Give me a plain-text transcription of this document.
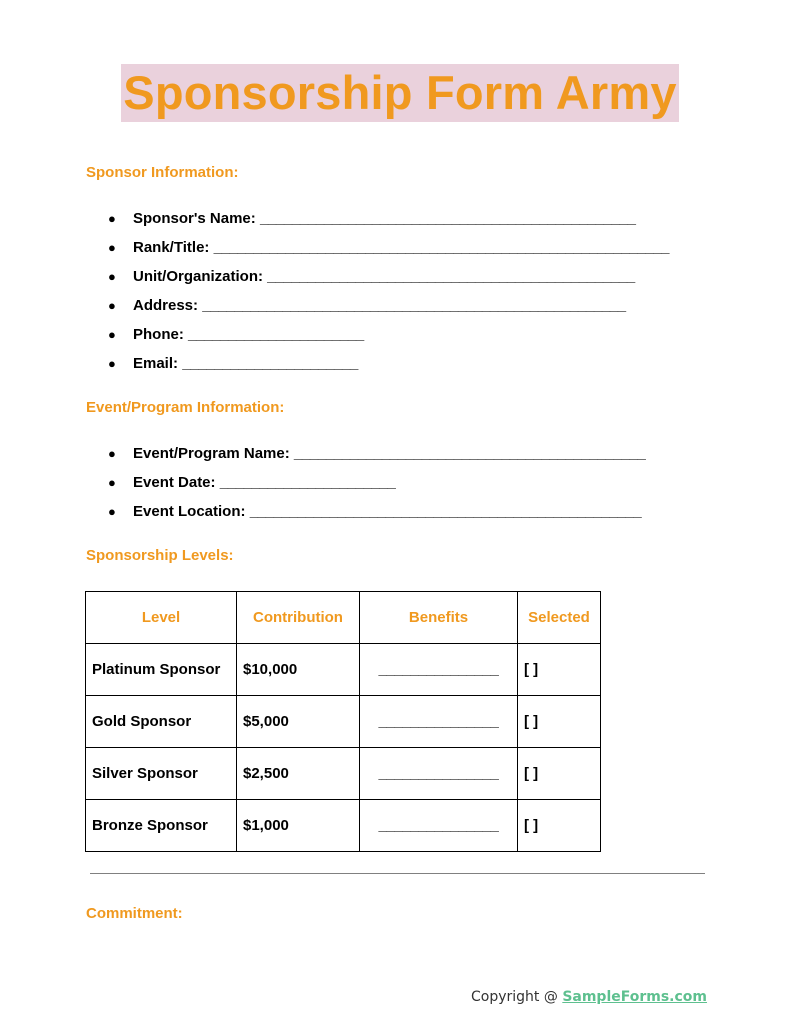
Sponsorship Form Army
Sponsor Information:
● Sponsor's Name: _______________________________________________
● Rank/Title: _________________________________________________________
● Unit/Organization: ______________________________________________
● Address: _____________________________________________________
● Phone: ______________________
● Email: ______________________
Event/Program Information:
● Event/Program Name: ____________________________________________
● Event Date: ______________________
● Event Location: _________________________________________________
Sponsorship Levels:
Level	Contribution	Benefits	Selected
Platinum Sponsor	$10,000	_______________	[ ]
Gold Sponsor	$5,000	_______________	[ ]
Silver Sponsor	$2,500	_______________	[ ]
Bronze Sponsor	$1,000	_______________	[ ]
Commitment:
Copyright @ SampleForms.com
